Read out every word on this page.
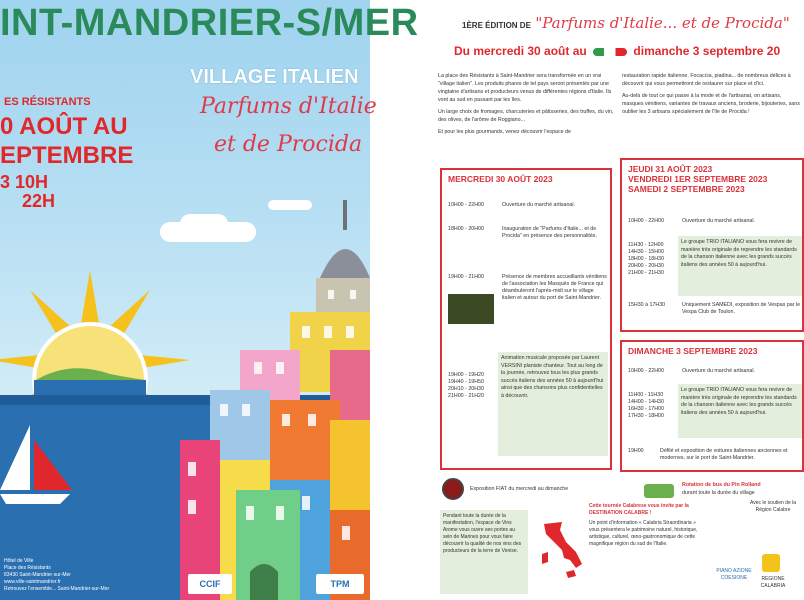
INT-MANDRIER-S/MER
ES RÉSISTANTS
0 AOÛT AU
EPTEMBRE
3 10H
22H
VILLAGE ITALIEN
Parfums d'Italie
et de Procida
Hôtel de Ville
Place des Résistants
83430 Saint-Mandrier-sur-Mer
www.ville-saintmandrier.fr
Retrouvez l'ensemble... Saint-Mandrier-sur-Mer	CCIF	TPM
1ÈRE ÉDITION DE "Parfums d'Italie... et de Procida"
Du mercredi 30 août au	dimanche 3 septembre 20
La place des Résistants à Saint-Mandrier sera transformée en un vrai "village italien". Les produits phares de tel pays seront présentés par une vingtaine d'artisans et producteurs venus de différentes régions d'Italie. Ils vont au sud en passant par les îles.
Un large choix de fromages, charcuteries et pâtisseries, des truffes, du vin, des olives, de l'arôme de Roggiano...
Et pour les plus gourmands, venez découvrir l'espace de
restauration rapide italienne. Focaccia, piadina... de nombreux délices à découvrir qui vous permettront de restaurer sur place et d'ici.
Au-delà de tout ce qui passe à la mode et de l'artisanat, on artisans, masques vénitiens, variantes de travaux anciens, broderie, bijouteries, sans oublier les 3 artisans spécialement de l'île de Procida !
MERCREDI 30 AOÛT 2023
10H00 - 22H00	Ouverture du marché artisanal.
18H00 - 20H00	Inauguration de "Parfums d'Italie... et de Procida" en présence des personnalités.
19H00 - 21H00	Présence de membres accueillants vénitiens de l'association les Masqués de France qui déambuleront l'après-midi sur le village italien et autour du port de Saint-Mandrier.
19H00 - 19H20
19H40 - 19H50
20H10 - 20H30
21H00 - 21H20
Animation musicale proposée par Laurent VERSINI planiste chanteur. Tout au long de la journée, retrouvez tous les plus grands succès italiens des années 50 à aujourd'hui ainsi que des chansons plus confidentielles à découvrir.
JEUDI 31 AOÛT 2023
VENDREDI 1ER SEPTEMBRE 2023
SAMEDI 2 SEPTEMBRE 2023
10H00 - 22H00	Ouverture du marché artisanal.
11H30 - 12H00
14H30 - 15H00
18H00 - 18H30
20H00 - 20H30
21H00 - 21H30
Le groupe TRIO ITALIANO vous fera revivre de manière très originale de reprendre les standards de la chanson italienne avec les grands succès italiens des années 50 à aujourd'hui.
15H30 à 17H30	Uniquement SAMEDI, exposition de Vespas par le Vespa Club de Toulon.
DIMANCHE 3 SEPTEMBRE 2023
10H00 - 22H00	Ouverture du marché artisanal.
11H00 - 11H30
14H00 - 14H30
16H30 - 17H00
17H30 - 18H00
Le groupe TRIO ITALIANO vous fera revivre de manière très originale de reprendre les standards de la chanson italienne avec les grands succès italiens des années 50 à aujourd'hui.
19H00	Défilé et exposition de voitures italiennes anciennes et modernes, sur le port de Saint-Mandrier.
Exposition FIAT du mercredi au dimanche
Rotation de bus du Pin Rolland
durant toute la durée du village
Pendant toute la durée de la manifestation, l'espace de Vins Arome vous ouvre ses portes au sein de Marines pour vous faire découvrir la qualité de nos vins des producteurs de la terre de Venise.
Cette tournée Calabrese vous invite par la DESTINATION CALABRE !
Un point d'information « Calabria Straordinaria » vous présentera le patrimoine naturel, historique, artistique, culturel, œno-gastronomique de cette magnifique région du sud de l'Italie.
Avec le soutien de la Région Calabre
PIANO AZIONE COESIONE	REGIONE CALABRIA
